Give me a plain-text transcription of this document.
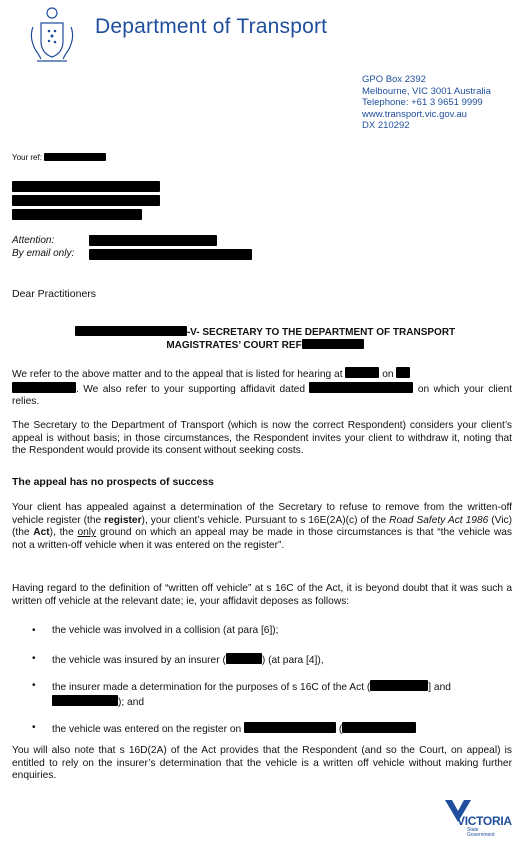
Department of Transport
GPO Box 2392
Melbourne, VIC 3001 Australia
Telephone: +61 3 9651 9999
www.transport.vic.gov.au
DX 210292
Your ref:
Attention:
By email only:
Dear Practitioners
-V- SECRETARY TO THE DEPARTMENT OF TRANSPORT
MAGISTRATES’ COURT REF
We refer to the above matter and to the appeal that is listed for hearing at	on
. We also refer to your supporting affidavit dated	on which your client relies.
The Secretary to the Department of Transport (which is now the correct Respondent) considers your client’s appeal is without basis; in those circumstances, the Respondent invites your client to withdraw it, noting that the Respondent would provide its consent without seeking costs.
The appeal has no prospects of success
Your client has appealed against a determination of the Secretary to refuse to remove from the written-off vehicle register (the register), your client’s vehicle. Pursuant to s 16E(2A)(c) of the Road Safety Act 1986 (Vic) (the Act), the only ground on which an appeal may be made in those circumstances is that “the vehicle was not a written-off vehicle when it was entered on the register”.
Having regard to the definition of “written off vehicle” at s 16C of the Act, it is beyond doubt that it was such a written off vehicle at the relevant date; ie, your affidavit deposes as follows:
• the vehicle was involved in a collision (at para [6]);
• the vehicle was insured by an insurer (	) (at para [4]),
• the insurer made a determination for the purposes of s 16C of the Act (	] and
); and
• the vehicle was entered on the register on	(
You will also note that s 16D(2A) of the Act provides that the Respondent (and so the Court, on appeal) is entitled to rely on the insurer’s determination that the vehicle is a written off vehicle without making further enquiries.
VICTORIA
State
Government
